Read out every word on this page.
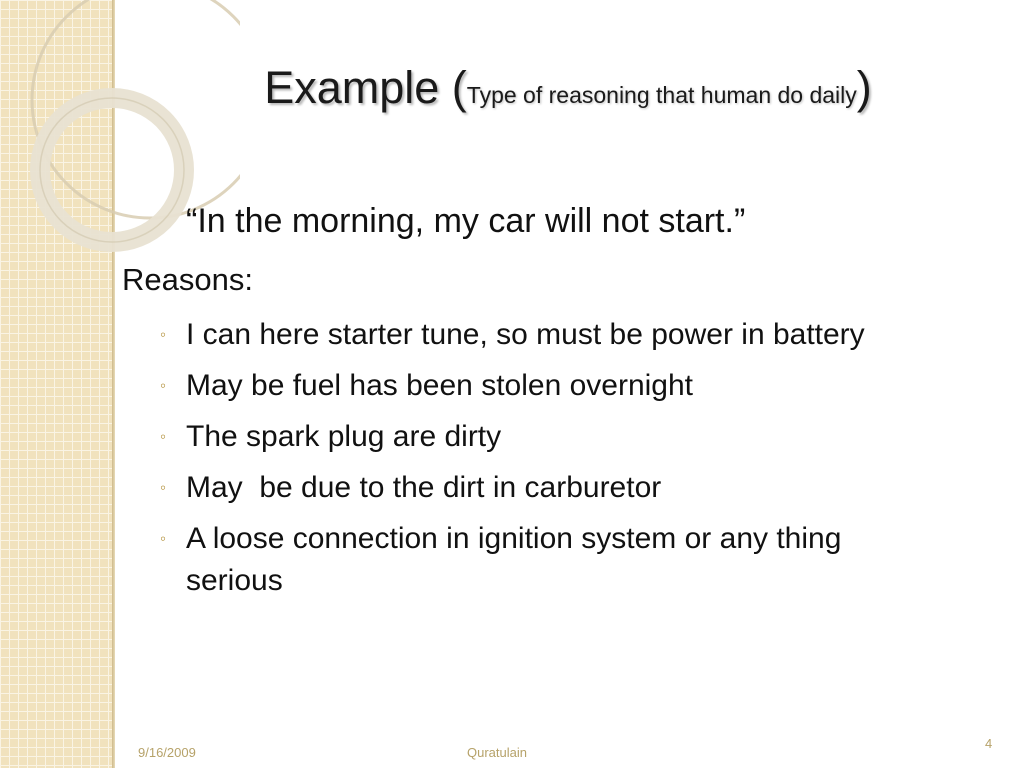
Example (Type of reasoning that human do daily)
“In the morning, my car will not start.”
Reasons:
◦ I can here starter tune, so must be power in battery
◦ May be fuel has been stolen overnight
◦ The spark plug are dirty
◦ May  be due to the dirt in carburetor
◦ A loose connection in ignition system or any thing serious
9/16/2009	Quratulain
4
